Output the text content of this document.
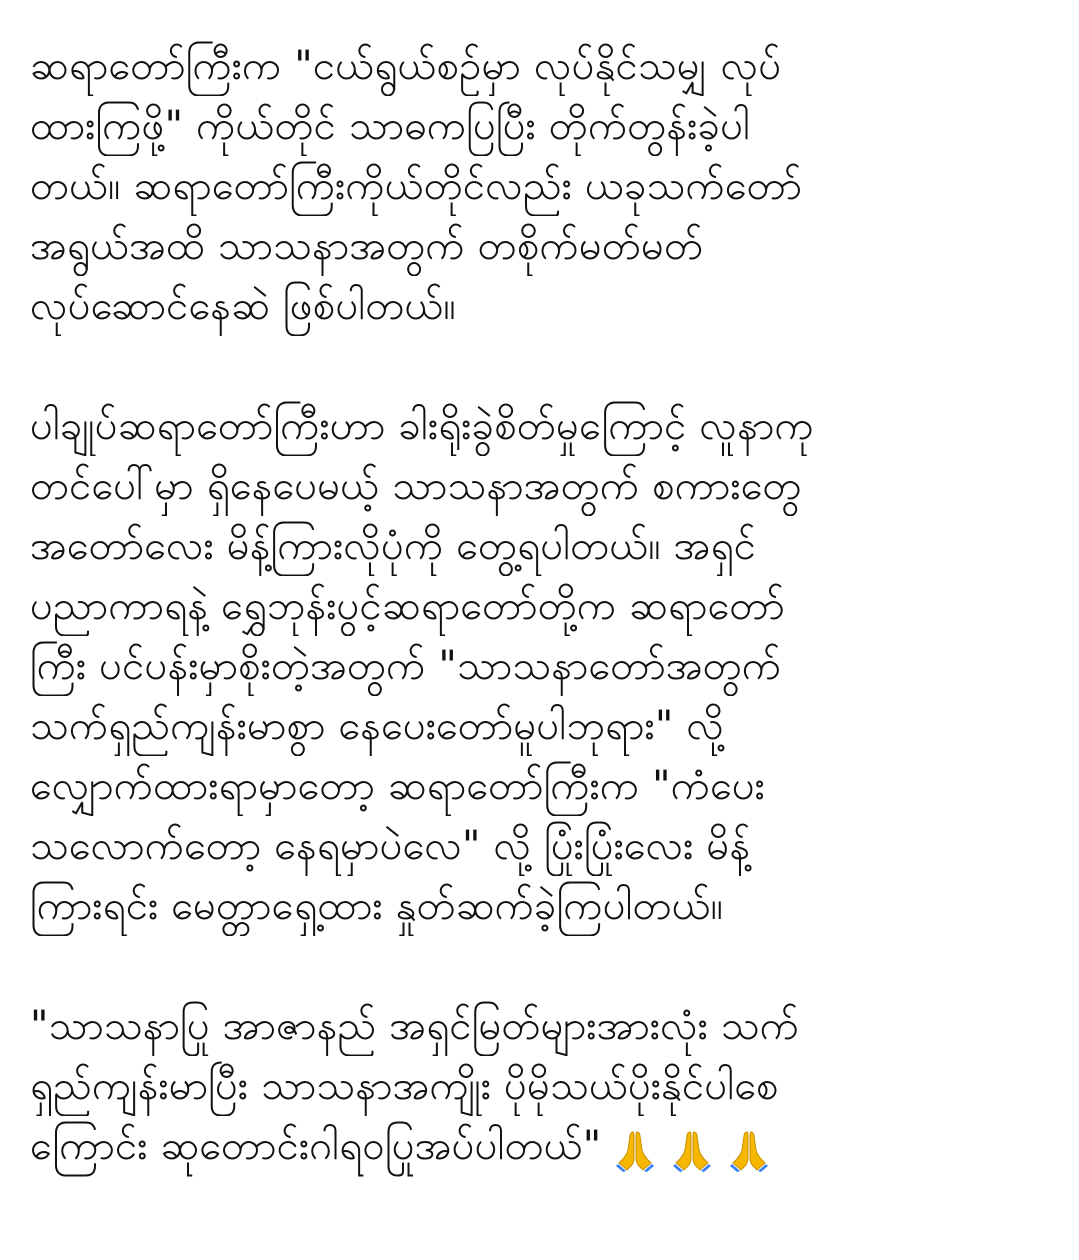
ဆရာတော်ကြီးက "ငယ်ရွယ်စဉ်မှာ လုပ်နိုင်သမျှ လုပ်
ထားကြဖို့" ကိုယ်တိုင် သာဓကပြပြီး တိုက်တွန်းခဲ့ပါ
တယ်။ ဆရာတော်ကြီးကိုယ်တိုင်လည်း ယခုသက်တော်
အရွယ်အထိ သာသနာအတွက် တစိုက်မတ်မတ်
လုပ်ဆောင်နေဆဲ ဖြစ်ပါတယ်။
ပါချုပ်ဆရာတော်ကြီးဟာ ခါးရိုးခွဲစိတ်မှုကြောင့် လူနာကု
တင်ပေါ်မှာ ရှိနေပေမယ့် သာသနာအတွက် စကားတွေ
အတော်လေး မိန့်ကြားလိုပုံကို တွေ့ရပါတယ်။ အရှင်
ပညာကာရနဲ့ ရွှေဘုန်းပွင့်ဆရာတော်တို့က ဆရာတော်
ကြီး ပင်ပန်းမှာစိုးတဲ့အတွက် "သာသနာတော်အတွက်
သက်ရှည်ကျန်းမာစွာ နေပေးတော်မူပါဘုရား" လို့
လျှောက်ထားရာမှာတော့ ဆရာတော်ကြီးက "ကံပေး
သလောက်တော့ နေရမှာပဲလေ" လို့ ပြုံးပြုံးလေး မိန့်
ကြားရင်း မေတ္တာရှေ့ထား နှုတ်ဆက်ခဲ့ကြပါတယ်။
"သာသနာပြု အာဇာနည် အရှင်မြတ်များအားလုံး သက်
ရှည်ကျန်းမာပြီး သာသနာအကျိုး ပိုမိုသယ်ပိုးနိုင်ပါစေ
ကြောင်း ဆုတောင်းဂါရဝပြုအပ်ပါတယ်"
